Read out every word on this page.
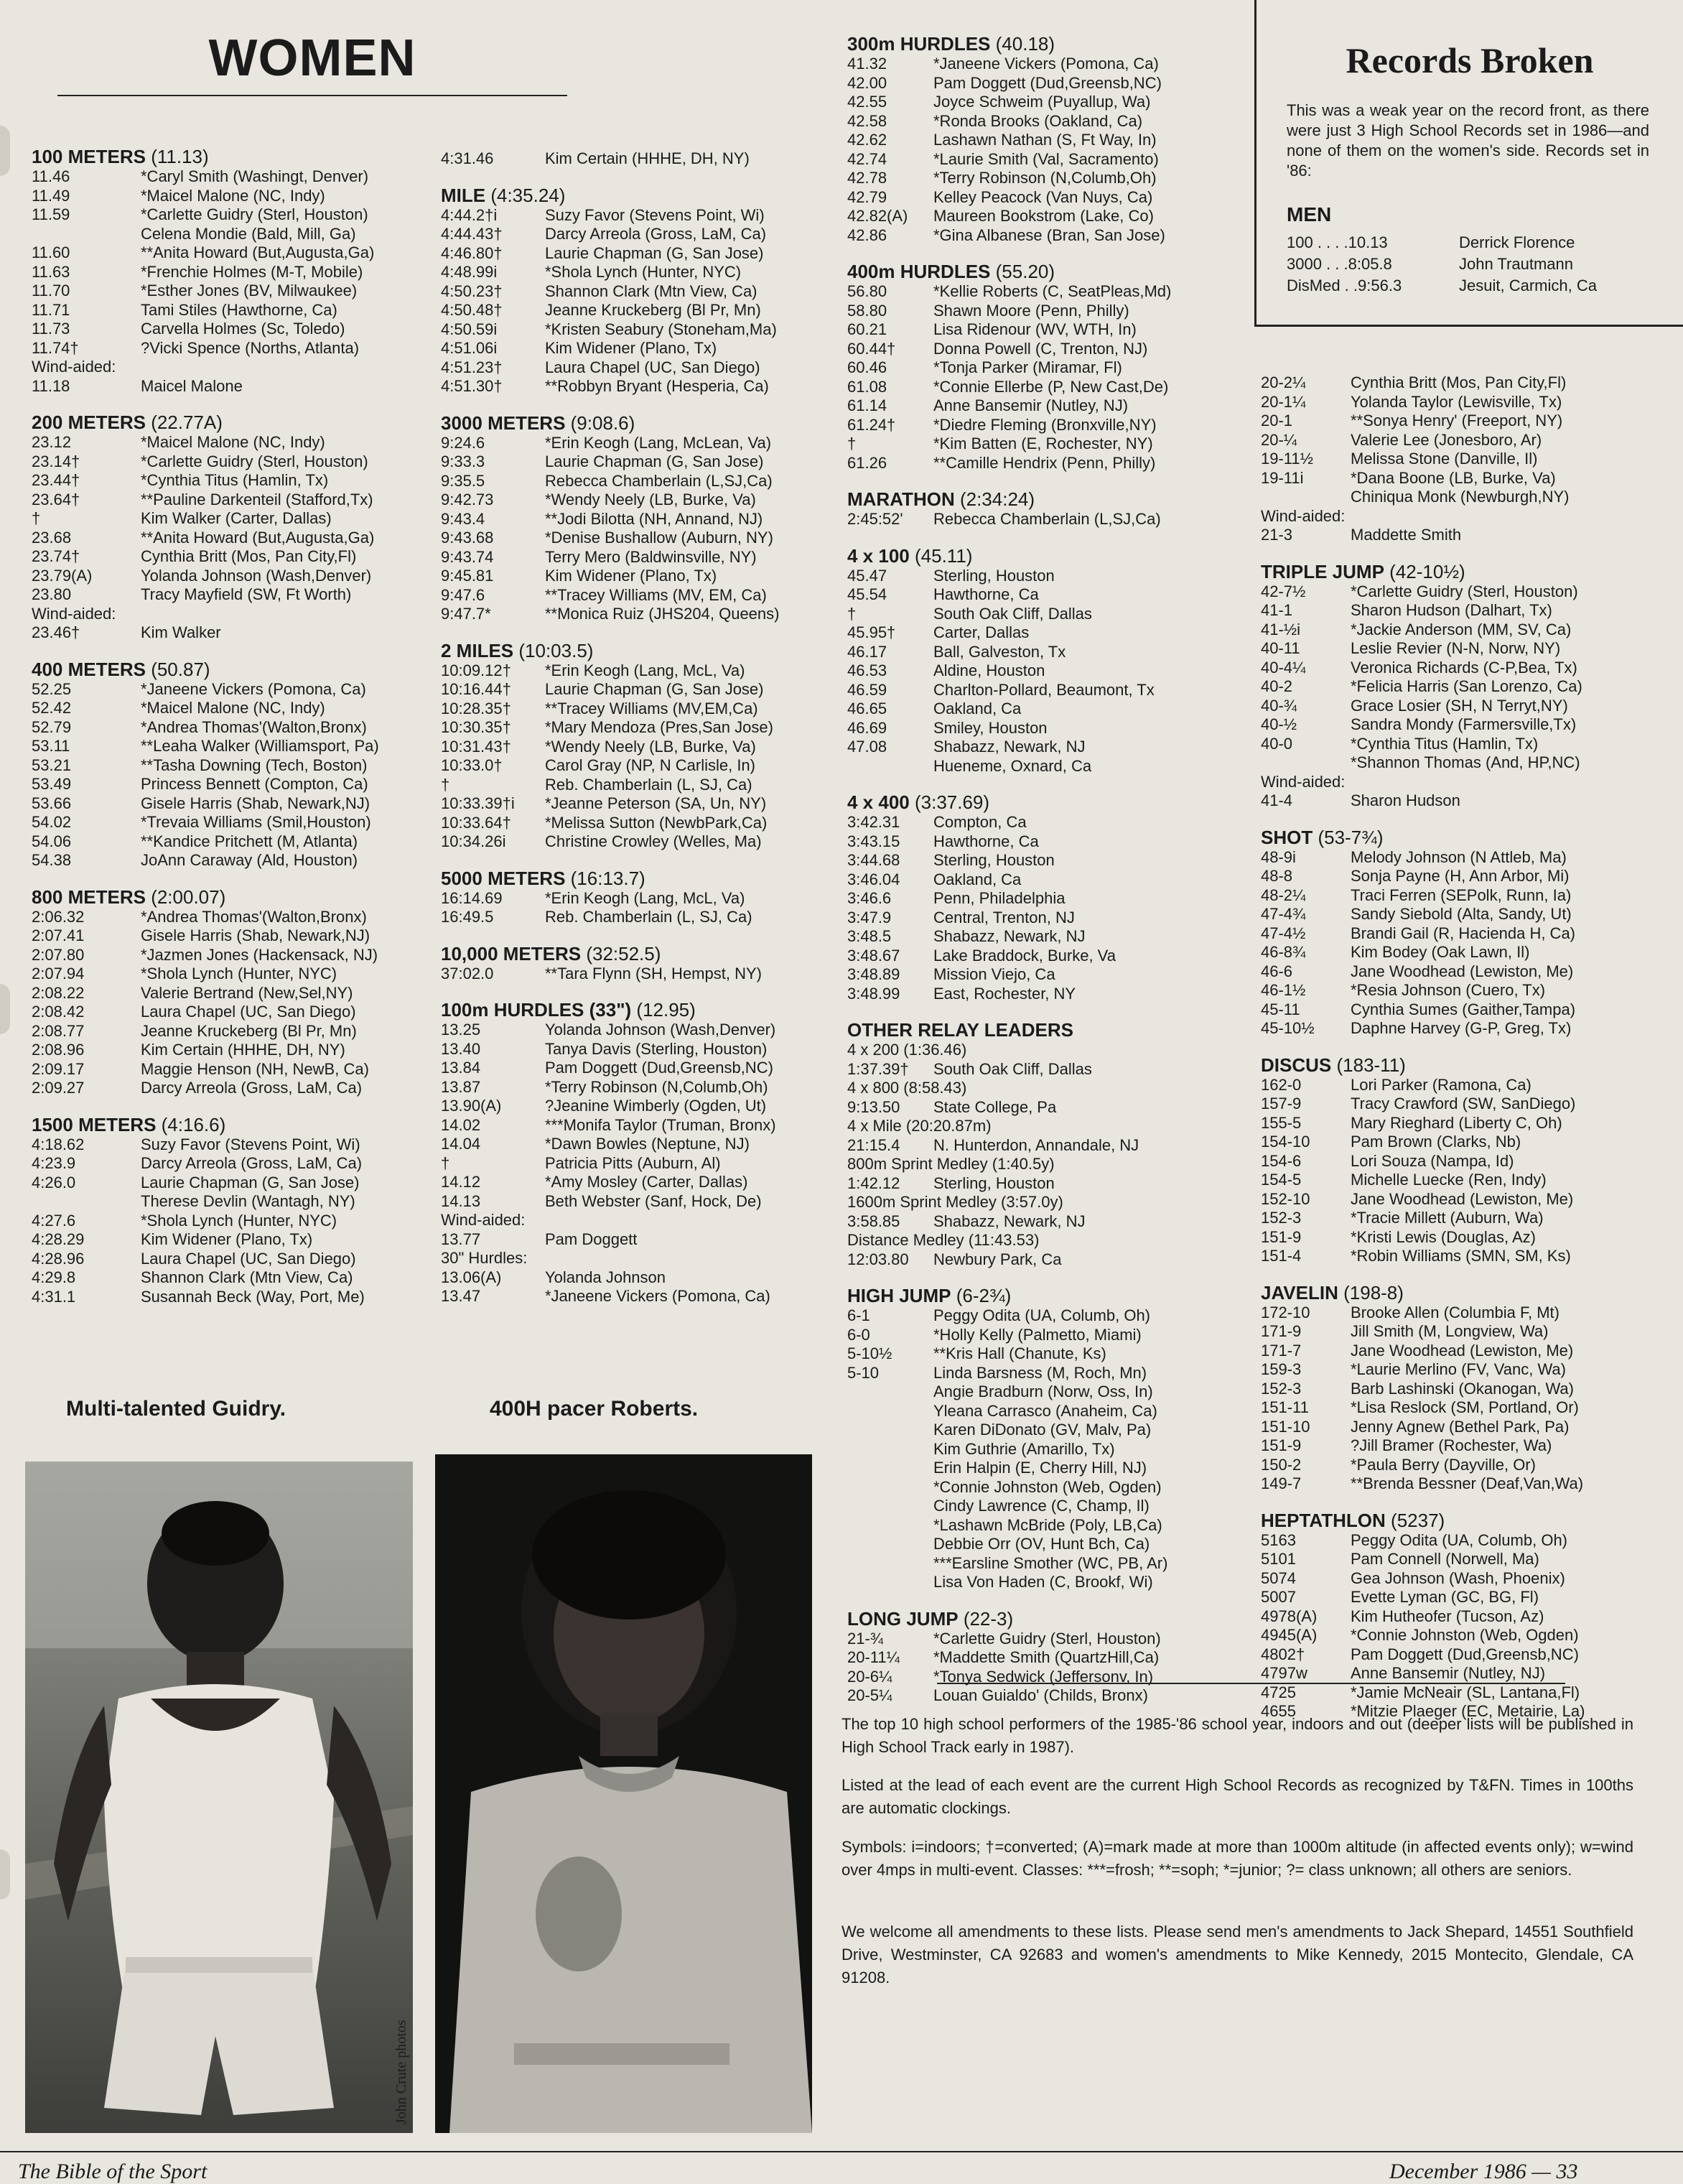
WOMEN
100 METERS (11.13)
11.46	*Caryl Smith (Washingt, Denver)
11.49	*Maicel Malone (NC, Indy)
11.59	*Carlette Guidry (Sterl, Houston)
Celena Mondie (Bald, Mill, Ga)
11.60	**Anita Howard (But,Augusta,Ga)
11.63	*Frenchie Holmes (M-T, Mobile)
11.70	*Esther Jones (BV, Milwaukee)
11.71	Tami Stiles (Hawthorne, Ca)
11.73	Carvella Holmes (Sc, Toledo)
11.74†	?Vicki Spence (Norths, Atlanta)
Wind-aided:
11.18	Maicel Malone
200 METERS (22.77A)
23.12	*Maicel Malone (NC, Indy)
23.14†	*Carlette Guidry (Sterl, Houston)
23.44†	*Cynthia Titus (Hamlin, Tx)
23.64†	**Pauline Darkenteil (Stafford,Tx)
†	Kim Walker (Carter, Dallas)
23.68	**Anita Howard (But,Augusta,Ga)
23.74†	Cynthia Britt (Mos, Pan City,Fl)
23.79(A)	Yolanda Johnson (Wash,Denver)
23.80	Tracy Mayfield (SW, Ft Worth)
Wind-aided:
23.46†	Kim Walker
400 METERS (50.87)
52.25	*Janeene Vickers (Pomona, Ca)
52.42	*Maicel Malone (NC, Indy)
52.79	*Andrea Thomas'(Walton,Bronx)
53.11	**Leaha Walker (Williamsport, Pa)
53.21	**Tasha Downing (Tech, Boston)
53.49	Princess Bennett (Compton, Ca)
53.66	Gisele Harris (Shab, Newark,NJ)
54.02	*Trevaia Williams (Smil,Houston)
54.06	**Kandice Pritchett (M, Atlanta)
54.38	JoAnn Caraway (Ald, Houston)
800 METERS (2:00.07)
2:06.32	*Andrea Thomas'(Walton,Bronx)
2:07.41	Gisele Harris (Shab, Newark,NJ)
2:07.80	*Jazmen Jones (Hackensack, NJ)
2:07.94	*Shola Lynch (Hunter, NYC)
2:08.22	Valerie Bertrand (New,Sel,NY)
2:08.42	Laura Chapel (UC, San Diego)
2:08.77	Jeanne Kruckeberg (Bl Pr, Mn)
2:08.96	Kim Certain (HHHE, DH, NY)
2:09.17	Maggie Henson (NH, NewB, Ca)
2:09.27	Darcy Arreola (Gross, LaM, Ca)
1500 METERS (4:16.6)
4:18.62	Suzy Favor (Stevens Point, Wi)
4:23.9	Darcy Arreola (Gross, LaM, Ca)
4:26.0	Laurie Chapman (G, San Jose)
Therese Devlin (Wantagh, NY)
4:27.6	*Shola Lynch (Hunter, NYC)
4:28.29	Kim Widener (Plano, Tx)
4:28.96	Laura Chapel (UC, San Diego)
4:29.8	Shannon Clark (Mtn View, Ca)
4:31.1	Susannah Beck (Way, Port, Me)
4:31.46	Kim Certain (HHHE, DH, NY)
MILE (4:35.24)
4:44.2†i	Suzy Favor (Stevens Point, Wi)
4:44.43†	Darcy Arreola (Gross, LaM, Ca)
4:46.80†	Laurie Chapman (G, San Jose)
4:48.99i	*Shola Lynch (Hunter, NYC)
4:50.23†	Shannon Clark (Mtn View, Ca)
4:50.48†	Jeanne Kruckeberg (Bl Pr, Mn)
4:50.59i	*Kristen Seabury (Stoneham,Ma)
4:51.06i	Kim Widener (Plano, Tx)
4:51.23†	Laura Chapel (UC, San Diego)
4:51.30†	**Robbyn Bryant (Hesperia, Ca)
3000 METERS (9:08.6)
9:24.6	*Erin Keogh (Lang, McLean, Va)
9:33.3	Laurie Chapman (G, San Jose)
9:35.5	Rebecca Chamberlain (L,SJ,Ca)
9:42.73	*Wendy Neely (LB, Burke, Va)
9:43.4	**Jodi Bilotta (NH, Annand, NJ)
9:43.68	*Denise Bushallow (Auburn, NY)
9:43.74	Terry Mero (Baldwinsville, NY)
9:45.81	Kim Widener (Plano, Tx)
9:47.6	**Tracey Williams (MV, EM, Ca)
9:47.7*	**Monica Ruiz (JHS204, Queens)
2 MILES (10:03.5)
10:09.12† *Erin Keogh (Lang, McL, Va)
10:16.44† Laurie Chapman (G, San Jose)
10:28.35† **Tracey Williams (MV,EM,Ca)
10:30.35† *Mary Mendoza (Pres,San Jose)
10:31.43† *Wendy Neely (LB, Burke, Va)
10:33.0†	Carol Gray (NP, N Carlisle, In)
†	Reb. Chamberlain (L, SJ, Ca)
10:33.39†i *Jeanne Peterson (SA, Un, NY)
10:33.64† *Melissa Sutton (NewbPark,Ca)
10:34.26i Christine Crowley (Welles, Ma)
5000 METERS (16:13.7)
16:14.69	*Erin Keogh (Lang, McL, Va)
16:49.5	Reb. Chamberlain (L, SJ, Ca)
10,000 METERS (32:52.5)
37:02.0	**Tara Flynn (SH, Hempst, NY)
100m HURDLES (33") (12.95)
13.25	Yolanda Johnson (Wash,Denver)
13.40	Tanya Davis (Sterling, Houston)
13.84	Pam Doggett (Dud,Greensb,NC)
13.87	*Terry Robinson (N,Columb,Oh)
13.90(A)	?Jeanine Wimberly (Ogden, Ut)
14.02	***Monifa Taylor (Truman, Bronx)
14.04	*Dawn Bowles (Neptune, NJ)
†	Patricia Pitts (Auburn, Al)
14.12	*Amy Mosley (Carter, Dallas)
14.13	Beth Webster (Sanf, Hock, De)
Wind-aided:
13.77	Pam Doggett
30" Hurdles:
13.06(A)	Yolanda Johnson
13.47	*Janeene Vickers (Pomona, Ca)
300m HURDLES (40.18)
41.32	*Janeene Vickers (Pomona, Ca)
42.00	Pam Doggett (Dud,Greensb,NC)
42.55	Joyce Schweim (Puyallup, Wa)
42.58	*Ronda Brooks (Oakland, Ca)
42.62	Lashawn Nathan (S, Ft Way, In)
42.74	*Laurie Smith (Val, Sacramento)
42.78	*Terry Robinson (N,Columb,Oh)
42.79	Kelley Peacock (Van Nuys, Ca)
42.82(A) Maureen Bookstrom (Lake, Co)
42.86	*Gina Albanese (Bran, San Jose)
400m HURDLES (55.20)
56.80	*Kellie Roberts (C, SeatPleas,Md)
58.80	Shawn Moore (Penn, Philly)
60.21	Lisa Ridenour (WV, WTH, In)
60.44† Donna Powell (C, Trenton, NJ)
60.46	*Tonja Parker (Miramar, Fl)
61.08	*Connie Ellerbe (P, New Cast,De)
61.14	Anne Bansemir (Nutley, NJ)
61.24† *Diedre Fleming (Bronxville,NY)
†	*Kim Batten (E, Rochester, NY)
61.26	**Camille Hendrix (Penn, Philly)
MARATHON (2:34:24)
2:45:52' Rebecca Chamberlain (L,SJ,Ca)
4 x 100 (45.11)
45.47	Sterling, Houston
45.54	Hawthorne, Ca
†	South Oak Cliff, Dallas
45.95† Carter, Dallas
46.17	Ball, Galveston, Tx
46.53	Aldine, Houston
46.59	Charlton-Pollard, Beaumont, Tx
46.65	Oakland, Ca
46.69	Smiley, Houston
47.08	Shabazz, Newark, NJ
Hueneme, Oxnard, Ca
4 x 400 (3:37.69)
3:42.31 Compton, Ca
3:43.15 Hawthorne, Ca
3:44.68 Sterling, Houston
3:46.04 Oakland, Ca
3:46.6	Penn, Philadelphia
3:47.9	Central, Trenton, NJ
3:48.5	Shabazz, Newark, NJ
3:48.67 Lake Braddock, Burke, Va
3:48.89 Mission Viejo, Ca
3:48.99 East, Rochester, NY
OTHER RELAY LEADERS
4 x 200 (1:36.46)
1:37.39† South Oak Cliff, Dallas
4 x 800 (8:58.43)
9:13.50 State College, Pa
4 x Mile (20:20.87m)
21:15.4 N. Hunterdon, Annandale, NJ
800m Sprint Medley (1:40.5y)
1:42.12 Sterling, Houston
1600m Sprint Medley (3:57.0y)
3:58.85 Shabazz, Newark, NJ
Distance Medley (11:43.53)
12:03.80 Newbury Park, Ca
HIGH JUMP (6-2¾)
6-1	Peggy Odita (UA, Columb, Oh)
6-0	*Holly Kelly (Palmetto, Miami)
5-10½	**Kris Hall (Chanute, Ks)
5-10	Linda Barsness (M, Roch, Mn)
Angie Bradburn (Norw, Oss, In)
Yleana Carrasco (Anaheim, Ca)
Karen DiDonato (GV, Malv, Pa)
Kim Guthrie (Amarillo, Tx)
Erin Halpin (E, Cherry Hill, NJ)
*Connie Johnston (Web, Ogden)
Cindy Lawrence (C, Champ, Il)
*Lashawn McBride (Poly, LB,Ca)
Debbie Orr (OV, Hunt Bch, Ca)
***Earsline Smother (WC, PB, Ar)
Lisa Von Haden (C, Brookf, Wi)
LONG JUMP (22-3)
21-¾	*Carlette Guidry (Sterl, Houston)
20-11¼ *Maddette Smith (QuartzHill,Ca)
20-6¼	*Tonya Sedwick (Jeffersonv, In)
20-5¼	Louan Guialdo' (Childs, Bronx)
20-2¼	Cynthia Britt (Mos, Pan City,Fl)
20-1¼	Yolanda Taylor (Lewisville, Tx)
20-1	**Sonya Henry' (Freeport, NY)
20-¼	Valerie Lee (Jonesboro, Ar)
19-11½ Melissa Stone (Danville, Il)
19-11i	*Dana Boone (LB, Burke, Va)
Chiniqua Monk (Newburgh,NY)
Wind-aided:
21-3	Maddette Smith
TRIPLE JUMP (42-10½)
42-7½	*Carlette Guidry (Sterl, Houston)
41-1	Sharon Hudson (Dalhart, Tx)
41-½i	*Jackie Anderson (MM, SV, Ca)
40-11	Leslie Revier (N-N, Norw, NY)
40-4¼	Veronica Richards (C-P,Bea, Tx)
40-2	*Felicia Harris (San Lorenzo, Ca)
40-¾	Grace Losier (SH, N Terryt,NY)
40-½	Sandra Mondy (Farmersville,Tx)
40-0	*Cynthia Titus (Hamlin, Tx)
*Shannon Thomas (And, HP,NC)
Wind-aided:
41-4	Sharon Hudson
SHOT (53-7¾)
48-9i	Melody Johnson (N Attleb, Ma)
48-8	Sonja Payne (H, Ann Arbor, Mi)
48-2¼	Traci Ferren (SEPolk, Runn, Ia)
47-4¾	Sandy Siebold (Alta, Sandy, Ut)
47-4½	Brandi Gail (R, Hacienda H, Ca)
46-8¾	Kim Bodey (Oak Lawn, Il)
46-6	Jane Woodhead (Lewiston, Me)
46-1½	*Resia Johnson (Cuero, Tx)
45-11	Cynthia Sumes (Gaither,Tampa)
45-10½ Daphne Harvey (G-P, Greg, Tx)
DISCUS (183-11)
162-0	Lori Parker (Ramona, Ca)
157-9	Tracy Crawford (SW, SanDiego)
155-5	Mary Rieghard (Liberty C, Oh)
154-10	Pam Brown (Clarks, Nb)
154-6	Lori Souza (Nampa, Id)
154-5	Michelle Luecke (Ren, Indy)
152-10	Jane Woodhead (Lewiston, Me)
152-3	*Tracie Millett (Auburn, Wa)
151-9	*Kristi Lewis (Douglas, Az)
151-4	*Robin Williams (SMN, SM, Ks)
JAVELIN (198-8)
172-10	Brooke Allen (Columbia F, Mt)
171-9	Jill Smith (M, Longview, Wa)
171-7	Jane Woodhead (Lewiston, Me)
159-3	*Laurie Merlino (FV, Vanc, Wa)
152-3	Barb Lashinski (Okanogan, Wa)
151-11	*Lisa Reslock (SM, Portland, Or)
151-10	Jenny Agnew (Bethel Park, Pa)
151-9	?Jill Bramer (Rochester, Wa)
150-2	*Paula Berry (Dayville, Or)
149-7	**Brenda Bessner (Deaf,Van,Wa)
HEPTATHLON (5237)
5163	Peggy Odita (UA, Columb, Oh)
5101	Pam Connell (Norwell, Ma)
5074	Gea Johnson (Wash, Phoenix)
5007	Evette Lyman (GC, BG, Fl)
4978(A) Kim Hutheofer (Tucson, Az)
4945(A) *Connie Johnston (Web, Ogden)
4802†	Pam Doggett (Dud,Greensb,NC)
4797w	Anne Bansemir (Nutley, NJ)
4725	*Jamie McNeair (SL, Lantana,Fl)
4655	*Mitzie Plaeger (EC, Metairie, La)
Records Broken
This was a weak year on the record front, as there were just 3 High School Records set in 1986—and none of them on the women's side. Records set in '86:
MEN
100 . . . .10.13	Derrick Florence
3000 . . .8:05.8	John Trautmann
DisMed . .9:56.3	Jesuit, Carmich, Ca
Multi-talented Guidry.	400H pacer Roberts.
John Crute photos
The top 10 high school performers of the 1985-'86 school year, indoors and out (deeper lists will be published in High School Track early in 1987).
Listed at the lead of each event are the current High School Records as recognized by T&FN. Times in 100ths are automatic clockings.
Symbols: i=indoors; †=converted; (A)=mark made at more than 1000m altitude (in affected events only); w=wind over 4mps in multi-event. Classes: ***=frosh; **=soph; *=junior; ?= class unknown; all others are seniors.
We welcome all amendments to these lists. Please send men's amendments to Jack Shepard, 14551 Southfield Drive, Westminster, CA 92683 and women's amendments to Mike Kennedy, 2015 Montecito, Glendale, CA 91208.
The Bible of the Sport	December 1986 — 33
